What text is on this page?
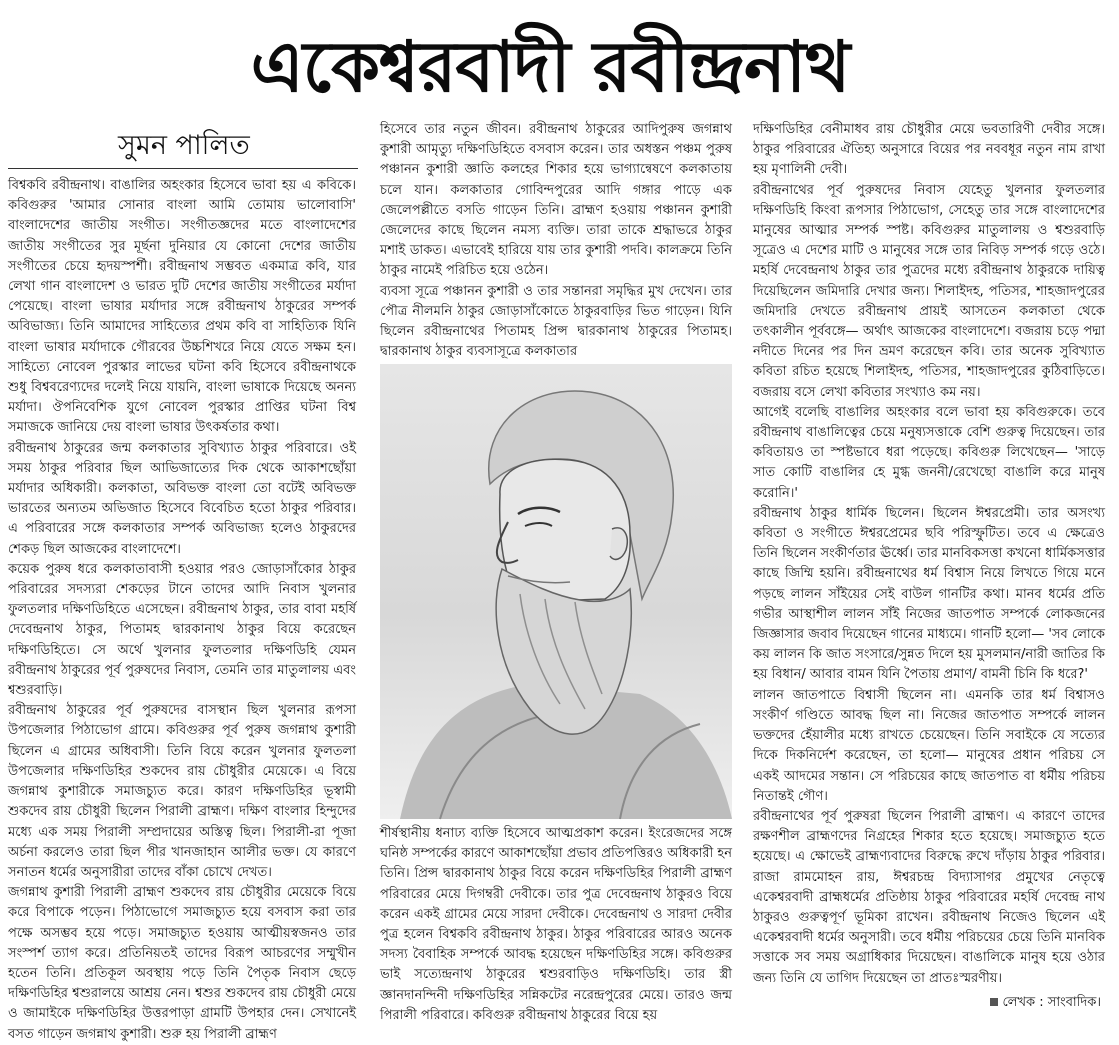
একেশ্বরবাদী রবীন্দ্রনাথ
সুমন পালিত

বিশ্বকবি রবীন্দ্রনাথ। বাঙালির অহংকার হিসেবে ভাবা হয় এ কবিকে। কবিগুরুর 'আমার সোনার বাংলা আমি তোমায় ভালোবাসি' বাংলাদেশের জাতীয় সংগীত। সংগীতজ্ঞদের মতে বাংলাদেশের জাতীয় সংগীতের সুর মূর্ছনা দুনিয়ার যে কোনো দেশের জাতীয় সংগীতের চেয়ে হৃদয়স্পর্শী। রবীন্দ্রনাথ সম্ভবত একমাত্র কবি, যার লেখা গান বাংলাদেশ ও ভারত দুটি দেশের জাতীয় সংগীতের মর্যাদা পেয়েছে। বাংলা ভাষার মর্যাদার সঙ্গে রবীন্দ্রনাথ ঠাকুরের সম্পর্ক অবিভাজ্য। তিনি আমাদের সাহিত্যের প্রথম কবি বা সাহিত্যিক যিনি বাংলা ভাষার মর্যাদাকে গৌরবের উচ্চশিখরে নিয়ে যেতে সক্ষম হন। সাহিত্যে নোবেল পুরস্কার লাভের ঘটনা কবি হিসেবে রবীন্দ্রনাথকে শুধু বিশ্ববরেণ্যদের দলেই নিয়ে যায়নি, বাংলা ভাষাকে দিয়েছে অনন্য মর্যাদা। ঔপনিবেশিক যুগে নোবেল পুরস্কার প্রাপ্তির ঘটনা বিশ্ব সমাজকে জানিয়ে দেয় বাংলা ভাষার উৎকর্ষতার কথা।

রবীন্দ্রনাথ ঠাকুরের জন্ম কলকাতার সুবিখ্যাত ঠাকুর পরিবারে। ওই সময় ঠাকুর পরিবার ছিল আভিজাত্যের দিক থেকে আকাশছোঁয়া মর্যাদার অধিকারী। কলকাতা, অবিভক্ত বাংলা তো বটেই অবিভক্ত ভারতের অন্যতম অভিজাত হিসেবে বিবেচিত হতো ঠাকুর পরিবার। এ পরিবারের সঙ্গে কলকাতার সম্পর্ক অবিভাজ্য হলেও ঠাকুরদের শেকড় ছিল আজকের বাংলাদেশে।

কয়েক পুরুষ ধরে কলকাতাবাসী হওয়ার পরও জোড়াসাঁকোর ঠাকুর পরিবারের সদস্যরা শেকড়ের টানে তাদের আদি নিবাস খুলনার ফুলতলার দক্ষিণডিহিতে এসেছেন। রবীন্দ্রনাথ ঠাকুর, তার বাবা মহর্ষি দেবেন্দ্রনাথ ঠাকুর, পিতামহ দ্বারকানাথ ঠাকুর বিয়ে করেছেন দক্ষিণডিহিতে। সে অর্থে খুলনার ফুলতলার দক্ষিণডিহি যেমন রবীন্দ্রনাথ ঠাকুরের পূর্ব পুরুষদের নিবাস, তেমনি তার মাতুলালয় এবং শ্বশুরবাড়ি।

রবীন্দ্রনাথ ঠাকুরের পূর্ব পুরুষদের বাসস্থান ছিল খুলনার রূপসা উপজেলার পিঠাভোগ গ্রামে। কবিগুরুর পূর্ব পুরুষ জগন্নাথ কুশারী ছিলেন এ গ্রামের অধিবাসী। তিনি বিয়ে করেন খুলনার ফুলতলা উপজেলার দক্ষিণডিহির শুকদেব রায় চৌধুরীর মেয়েকে। এ বিয়ে জগন্নাথ কুশারীকে সমাজচ্যুত করে। কারণ দক্ষিণডিহির ভূস্বামী শুকদেব রায় চৌধুরী ছিলেন পিরালী ব্রাহ্মণ। দক্ষিণ বাংলার হিন্দুদের মধ্যে এক সময় পিরালী সম্প্রদায়ের অস্তিত্ব ছিল। পিরালী-রা পূজা অর্চনা করলেও তারা ছিল পীর খানজাহান আলীর ভক্ত। যে কারণে সনাতন ধর্মের অনুসারীরা তাদের বাঁকা চোখে দেখত।

জগন্নাথ কুশারী পিরালী ব্রাহ্মণ শুকদেব রায় চৌধুরীর মেয়েকে বিয়ে করে বিপাকে পড়েন। পিঠাভোগে সমাজচ্যুত হয়ে বসবাস করা তার পক্ষে অসম্ভব হয়ে পড়ে। সমাজচ্যুত হওয়ায় আত্মীয়স্বজনও তার সংস্পর্শ ত্যাগ করে। প্রতিনিয়তই তাদের বিরূপ আচরণের সম্মুখীন হতেন তিনি। প্রতিকূল অবস্থায় পড়ে তিনি পৈতৃক নিবাস ছেড়ে দক্ষিণডিহির শ্বশুরালয়ে আশ্রয় নেন। শ্বশুর শুকদেব রায় চৌধুরী মেয়ে ও জামাইকে দক্ষিণডিহির উত্তরপাড়া গ্রামটি উপহার দেন। সেখানেই বসত গাড়েন জগন্নাথ কুশারী। শুরু হয় পিরালী ব্রাহ্মণ

হিসেবে তার নতুন জীবন। রবীন্দ্রনাথ ঠাকুরের আদিপুরুষ জগন্নাথ কুশারী আমৃত্যু দক্ষিণডিহিতে বসবাস করেন। তার অধস্তন পঞ্চম পুরুষ পঞ্চানন কুশারী জ্ঞাতি কলহের শিকার হয়ে ভাগ্যান্বেষণে কলকাতায় চলে যান। কলকাতার গোবিন্দপুরের আদি গঙ্গার পাড়ে এক জেলেপল্লীতে বসতি গাড়েন তিনি। ব্রাহ্মণ হওয়ায় পঞ্চানন কুশারী জেলেদের কাছে ছিলেন নমস্য ব্যক্তি। তারা তাকে শ্রদ্ধাভরে ঠাকুর মশাই ডাকত। এভাবেই হারিয়ে যায় তার কুশারী পদবি। কালক্রমে তিনি ঠাকুর নামেই পরিচিত হয়ে ওঠেন।

ব্যবসা সূত্রে পঞ্চানন কুশারী ও তার সন্তানরা সমৃদ্ধির মুখ দেখেন। তার পৌত্র নীলমনি ঠাকুর জোড়াসাঁকোতে ঠাকুরবাড়ির ভিত গাড়েন। যিনি ছিলেন রবীন্দ্রনাথের পিতামহ প্রিন্স দ্বারকানাথ ঠাকুরের পিতামহ। দ্বারকানাথ ঠাকুর ব্যবসাসূত্রে কলকাতার

শীর্ষস্থানীয় ধনাঢ্য ব্যক্তি হিসেবে আত্মপ্রকাশ করেন। ইংরেজদের সঙ্গে ঘনিষ্ঠ সম্পর্কের কারণে আকাশছোঁয়া প্রভাব প্রতিপত্তিরও অধিকারী হন তিনি। প্রিন্স দ্বারকানাথ ঠাকুর বিয়ে করেন দক্ষিণডিহির পিরালী ব্রাহ্মণ পরিবারের মেয়ে দিগম্বরী দেবীকে। তার পুত্র দেবেন্দ্রনাথ ঠাকুরও বিয়ে করেন একই গ্রামের মেয়ে সারদা দেবীকে। দেবেন্দ্রনাথ ও সারদা দেবীর পুত্র হলেন বিশ্বকবি রবীন্দ্রনাথ ঠাকুর। ঠাকুর পরিবারের আরও অনেক সদস্য বৈবাহিক সম্পর্কে আবদ্ধ হয়েছেন দক্ষিণডিহির সঙ্গে। কবিগুরুর ভাই সত্যেন্দ্রনাথ ঠাকুরের শ্বশুরবাড়িও দক্ষিণডিহি। তার স্ত্রী জ্ঞানদানন্দিনী দক্ষিণডিহির সন্নিকটের নরেন্দ্রপুরের মেয়ে। তারও জন্ম পিরালী পরিবারে। কবিগুরু রবীন্দ্রনাথ ঠাকুরের বিয়ে হয়

দক্ষিণডিহির বেনীমাধব রায় চৌধুরীর মেয়ে ভবতারিণী দেবীর সঙ্গে। ঠাকুর পরিবারের ঐতিহ্য অনুসারে বিয়ের পর নববধূর নতুন নাম রাখা হয় মৃণালিনী দেবী।

রবীন্দ্রনাথের পূর্ব পুরুষদের নিবাস যেহেতু খুলনার ফুলতলার দক্ষিণডিহি কিংবা রূপসার পিঠাভোগ, সেহেতু তার সঙ্গে বাংলাদেশের মানুষের আত্মার সম্পর্ক স্পষ্ট। কবিগুরুর মাতুলালয় ও শ্বশুরবাড়ি সূত্রেও এ দেশের মাটি ও মানুষের সঙ্গে তার নিবিড় সম্পর্ক গড়ে ওঠে। মহর্ষি দেবেন্দ্রনাথ ঠাকুর তার পুত্রদের মধ্যে রবীন্দ্রনাথ ঠাকুরকে দায়িত্ব দিয়েছিলেন জমিদারি দেখার জন্য। শিলাইদহ, পতিসর, শাহজাদপুরের জমিদারি দেখতে রবীন্দ্রনাথ প্রায়ই আসতেন কলকাতা থেকে তৎকালীন পূর্ববঙ্গে— অর্থাৎ আজকের বাংলাদেশে। বজরায় চড়ে পদ্মা নদীতে দিনের পর দিন ভ্রমণ করেছেন কবি। তার অনেক সুবিখ্যাত কবিতা রচিত হয়েছে শিলাইদহ, পতিসর, শাহজাদপুরের কুঠিবাড়িতে। বজরায় বসে লেখা কবিতার সংখ্যাও কম নয়।

আগেই বলেছি বাঙালির অহংকার বলে ভাবা হয় কবিগুরুকে। তবে রবীন্দ্রনাথ বাঙালিত্বের চেয়ে মনুষ্যসত্তাকে বেশি গুরুত্ব দিয়েছেন। তার কবিতায়ও তা স্পষ্টভাবে ধরা পড়েছে। কবিগুরু লিখেছেন— 'সাড়ে সাত কোটি বাঙালির হে মুগ্ধ জননী/রেখেছো বাঙালি করে মানুষ করোনি।'

রবীন্দ্রনাথ ঠাকুর ধার্মিক ছিলেন। ছিলেন ঈশ্বরপ্রেমী। তার অসংখ্য কবিতা ও সংগীতে ঈশ্বরপ্রেমের ছবি পরিস্ফুটিত। তবে এ ক্ষেত্রেও তিনি ছিলেন সংকীর্ণতার ঊর্ধ্বে। তার মানবিকসত্তা কখনো ধার্মিকসত্তার কাছে জিম্মি হয়নি। রবীন্দ্রনাথের ধর্ম বিশ্বাস নিয়ে লিখতে গিয়ে মনে পড়ছে লালন সাঁইয়ের সেই বাউল গানটির কথা। মানব ধর্মের প্রতি গভীর আস্থাশীল লালন সাঁই নিজের জাতপাত সম্পর্কে লোকজনের জিজ্ঞাসার জবাব দিয়েছেন গানের মাধ্যমে। গানটি হলো— 'সব লোকে কয় লালন কি জাত সংসারে/সুন্নত দিলে হয় মুসলমান/নারী জাতির কি হয় বিধান/ আবার বামন যিনি পৈতায় প্রমাণ/ বামনী চিনি কি ধরে?'

লালন জাতপাতে বিশ্বাসী ছিলেন না। এমনকি তার ধর্ম বিশ্বাসও সংকীর্ণ গণ্ডিতে আবদ্ধ ছিল না। নিজের জাতপাত সম্পর্কে লালন ভক্তদের হেঁয়ালীর মধ্যে রাখতে চেয়েছেন। তিনি সবাইকে যে সত্যের দিকে দিকনির্দেশ করেছেন, তা হলো— মানুষের প্রধান পরিচয় সে একই আদমের সন্তান। সে পরিচয়ের কাছে জাতপাত বা ধর্মীয় পরিচয় নিতান্তই গৌণ।

রবীন্দ্রনাথের পূর্ব পুরুষরা ছিলেন পিরালী ব্রাহ্মণ। এ কারণে তাদের রক্ষণশীল ব্রাহ্মণদের নিগ্রহের শিকার হতে হয়েছে। সমাজচ্যুত হতে হয়েছে। এ ক্ষোভেই ব্রাহ্মণ্যবাদের বিরুদ্ধে রুখে দাঁড়ায় ঠাকুর পরিবার। রাজা রামমোহন রায়, ঈশ্বরচন্দ্র বিদ্যাসাগর প্রমুখের নেতৃত্বে একেশ্বরবাদী ব্রাহ্মধর্মের প্রতিষ্ঠায় ঠাকুর পরিবারের মহর্ষি দেবেন্দ্র নাথ ঠাকুরও গুরুত্বপূর্ণ ভূমিকা রাখেন। রবীন্দ্রনাথ নিজেও ছিলেন এই একেশ্বরবাদী ধর্মের অনুসারী। তবে ধর্মীয় পরিচয়ের চেয়ে তিনি মানবিক সত্তাকে সব সময় অগ্রাধিকার দিয়েছেন। বাঙালিকে মানুষ হয়ে ওঠার জন্য তিনি যে তাগিদ দিয়েছেন তা প্রাতঃস্মরণীয়।

লেখক : সাংবাদিক।
